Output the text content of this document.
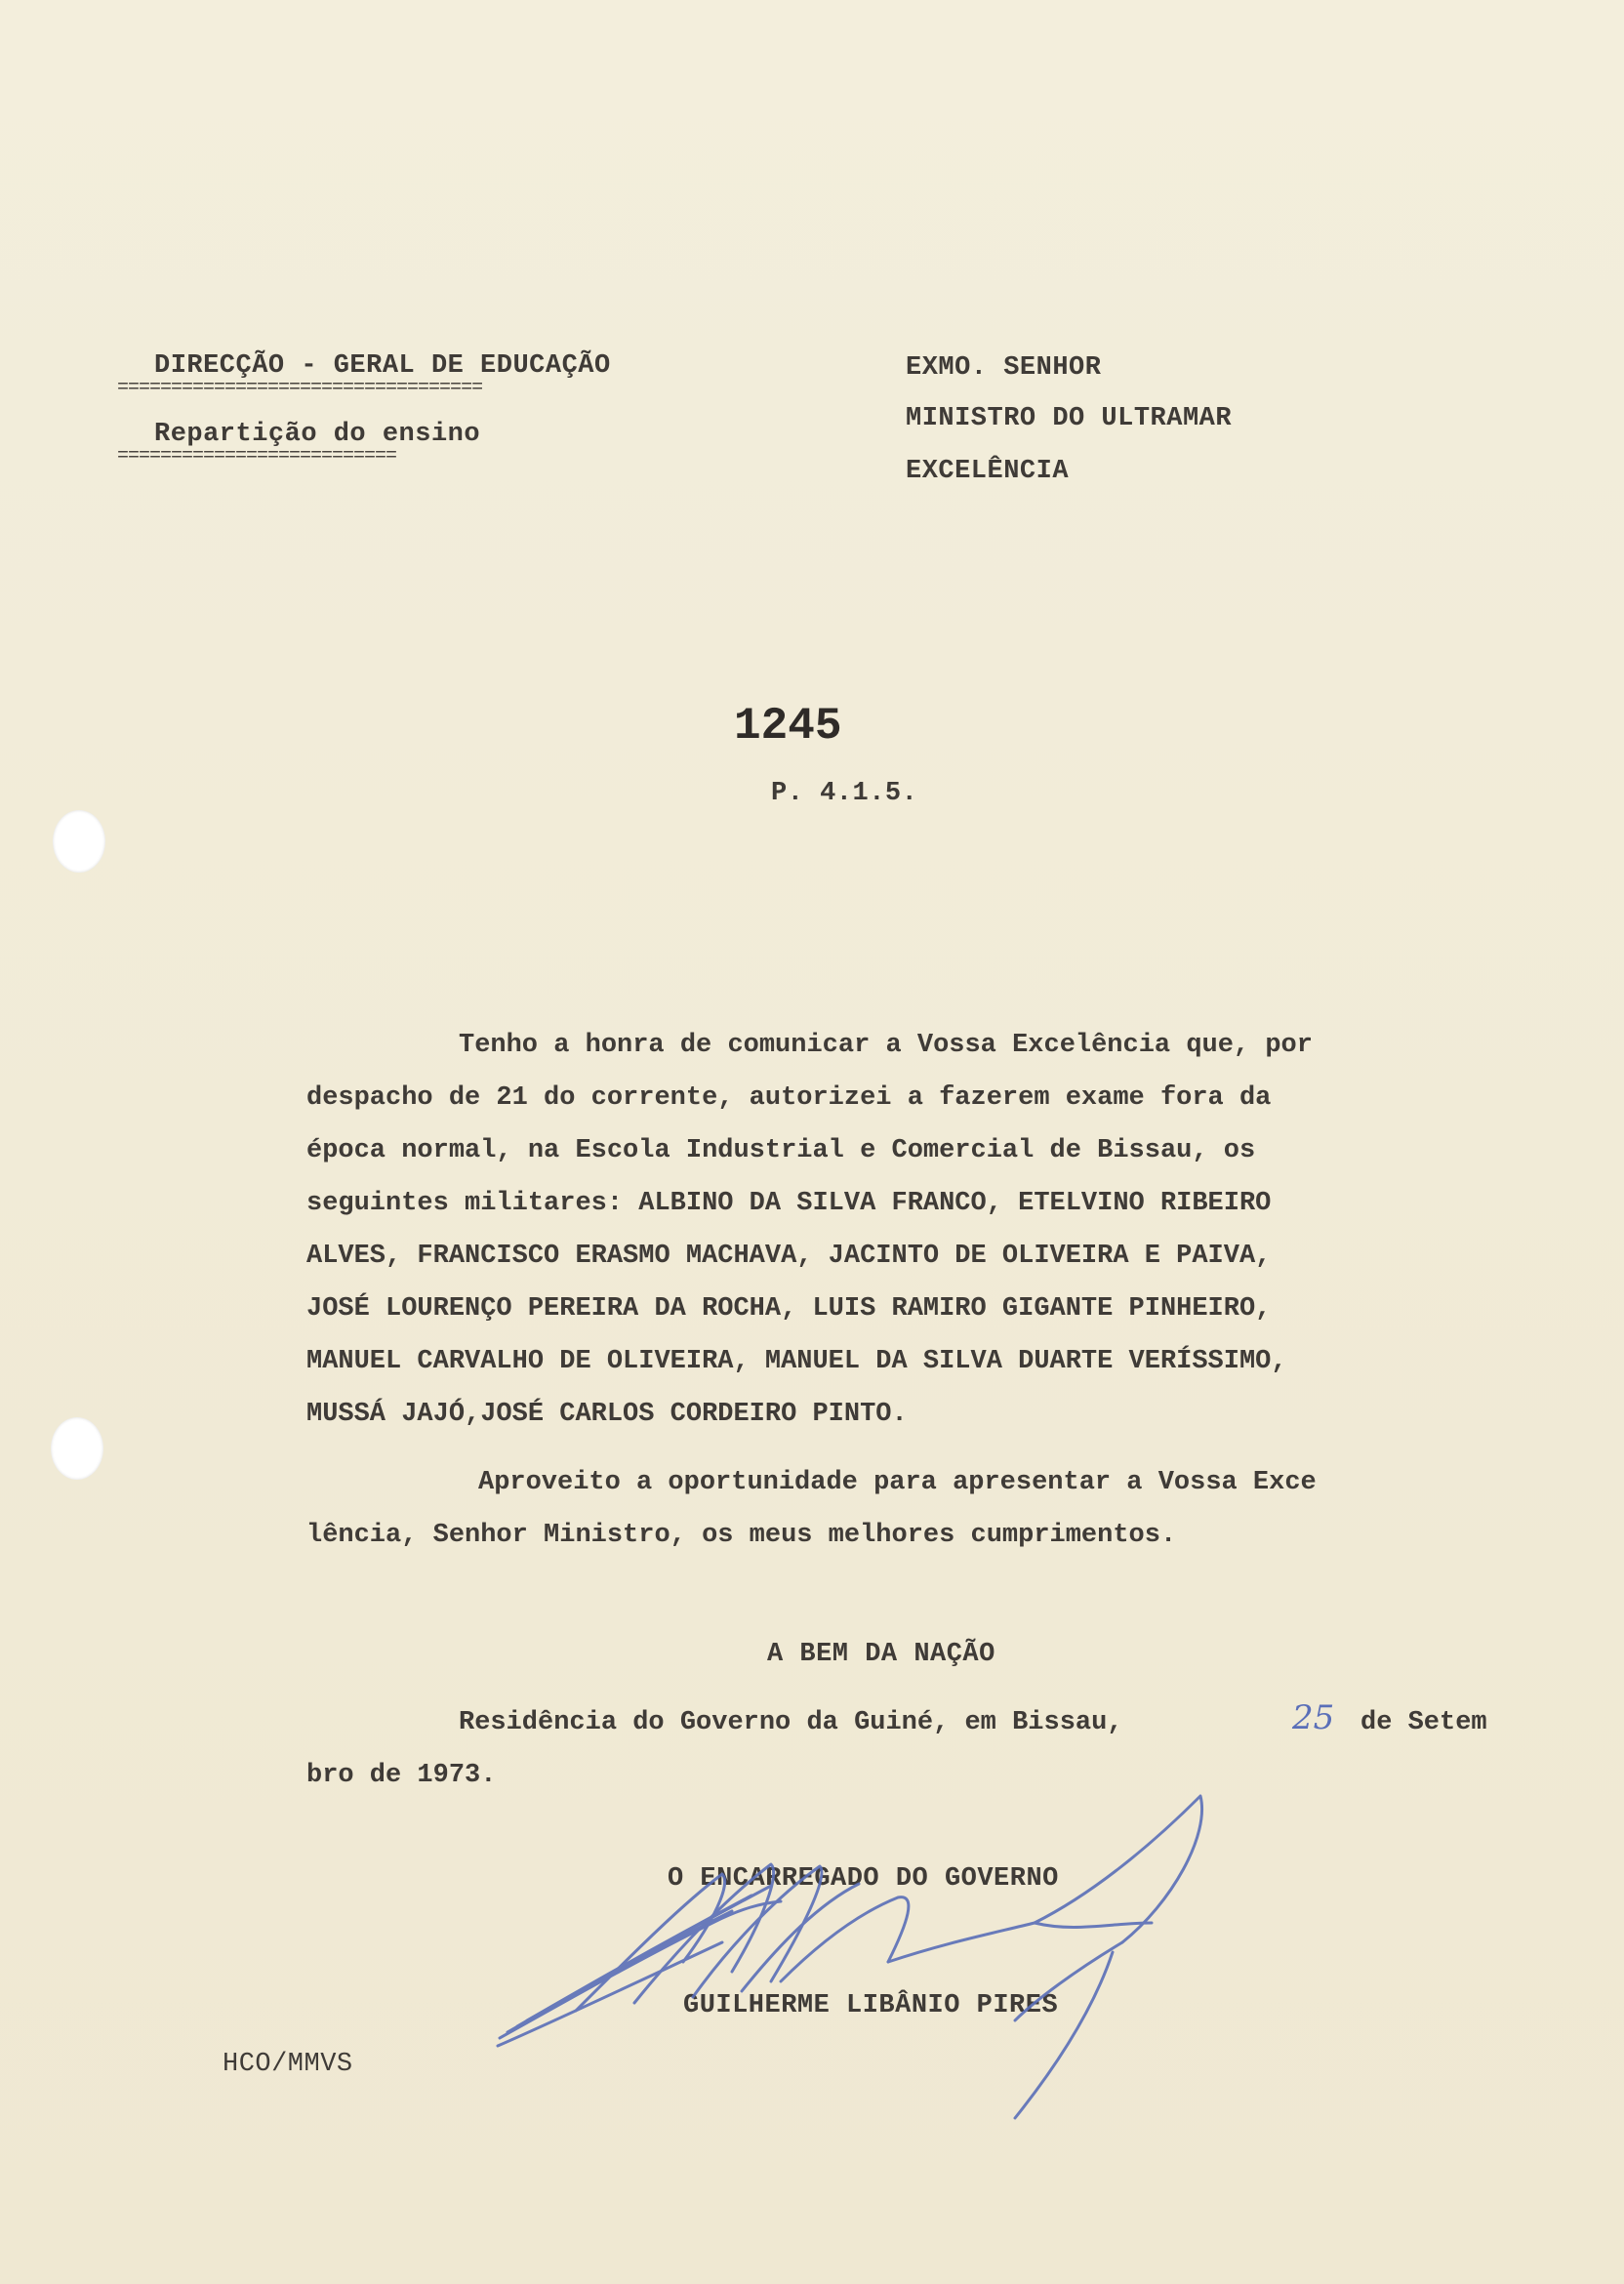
DIRECÇÃO - GERAL DE EDUCAÇÃO
==================================
Repartição do ensino
==========================
EXMO. SENHOR
MINISTRO DO ULTRAMAR
EXCELÊNCIA
1245
P. 4.1.5.
Tenho a honra de comunicar a Vossa Excelência que, por
despacho de 21 do corrente, autorizei a fazerem exame fora da
época normal, na Escola Industrial e Comercial de Bissau, os
seguintes militares: ALBINO DA SILVA FRANCO, ETELVINO RIBEIRO
ALVES, FRANCISCO ERASMO MACHAVA, JACINTO DE OLIVEIRA E PAIVA,
JOSÉ LOURENÇO PEREIRA DA ROCHA, LUIS RAMIRO GIGANTE PINHEIRO,
MANUEL CARVALHO DE OLIVEIRA, MANUEL DA SILVA DUARTE VERÍSSIMO,
MUSSÁ JAJÓ,JOSÉ CARLOS CORDEIRO PINTO.
Aproveito a oportunidade para apresentar a Vossa Exce
lência, Senhor Ministro, os meus melhores cumprimentos.
A BEM DA NAÇÃO
Residência do Governo da Guiné, em Bissau,	25 de Setem
bro de 1973.
O ENCARREGADO DO GOVERNO
GUILHERME LIBÂNIO PIRES
HCO/MMVS
